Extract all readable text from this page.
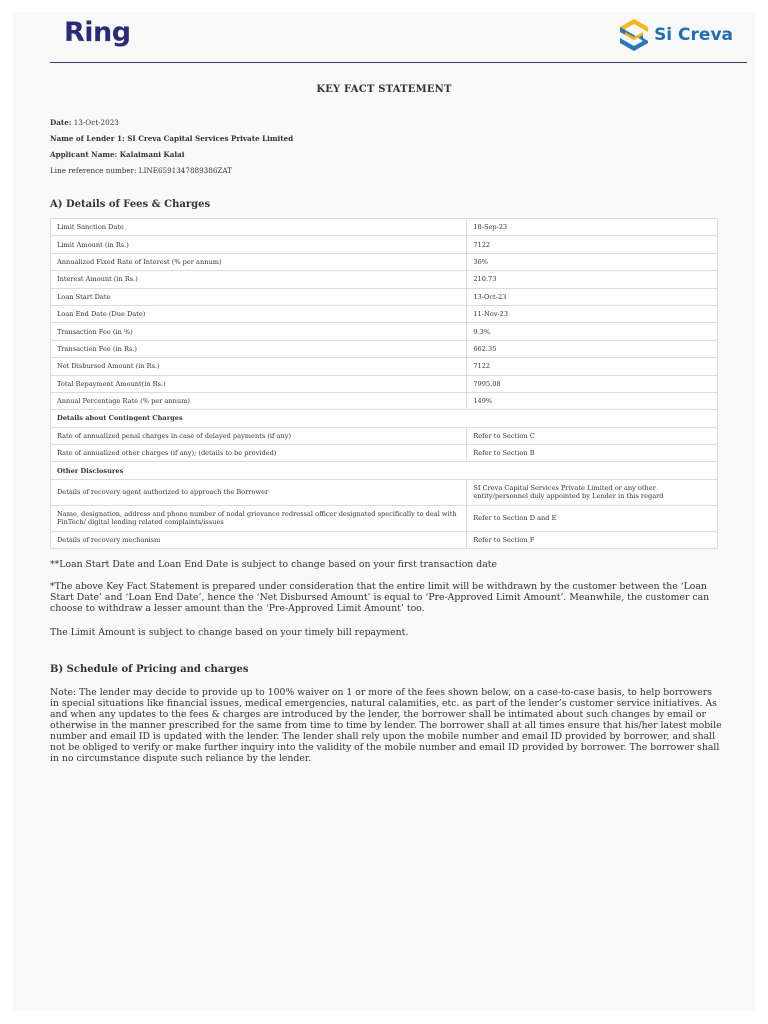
Ring	Si Creva
KEY FACT STATEMENT
Date: 13-Oct-2023
Name of Lender 1: SI Creva Capital Services Private Limited
Applicant Name: Kalaimani Kalai
Line reference number: LINE6591347889386ZAT
A) Details of Fees & Charges
Limit Sanction Date	18-Sep-23
Limit Amount (in Rs.)	7122
Annualized Fixed Rate of Interest (% per annum)	36%
Interest Amount (in Rs.)	210.73
Loan Start Date	13-Oct-23
Loan End Date (Due Date)	11-Nov-23
Transaction Fee (in %)	9.3%
Transaction Fee (in Rs.)	662.35
Net Disbursed Amount (in Rs.)	7122
Total Repayment Amount(in Rs.)	7995.08
Annual Percentage Rate (% per annum)	149%
Details about Contingent Charges	
Rate of annualized penal charges in case of delayed payments (if any)	Refer to Section C
Rate of annualized other charges (if any); (details to be provided)	Refer to Section B
Other Disclosures	
Details of recovery agent authorized to approach the Borrower	SI Creva Capital Services Private Limited or any other entity/personnel duly appointed by Lender in this regard
Name, designation, address and phone number of nodal grievance redressal officer designated specifically to deal with FinTech/ digital lending related complaints/issues	Refer to Section D and E
Details of recovery mechanism	Refer to Section F
**Loan Start Date and Loan End Date is subject to change based on your first transaction date
*The above Key Fact Statement is prepared under consideration that the entire limit will be withdrawn by the customer between the ‘Loan Start Date’ and ‘Loan End Date’, hence the ‘Net Disbursed Amount’ is equal to ‘Pre-Approved Limit Amount’. Meanwhile, the customer can choose to withdraw a lesser amount than the ‘Pre-Approved Limit Amount’ too.
The Limit Amount is subject to change based on your timely bill repayment.
B) Schedule of Pricing and charges
Note: The lender may decide to provide up to 100% waiver on 1 or more of the fees shown below, on a case-to-case basis, to help borrowers in special situations like financial issues, medical emergencies, natural calamities, etc. as part of the lender’s customer service initiatives. As and when any updates to the fees & charges are introduced by the lender, the borrower shall be intimated about such changes by email or otherwise in the manner prescribed for the same from time to time by lender. The borrower shall at all times ensure that his/her latest mobile number and email ID is updated with the lender. The lender shall rely upon the mobile number and email ID provided by borrower, and shall not be obliged to verify or make further inquiry into the validity of the mobile number and email ID provided by borrower. The borrower shall in no circumstance dispute such reliance by the lender.
